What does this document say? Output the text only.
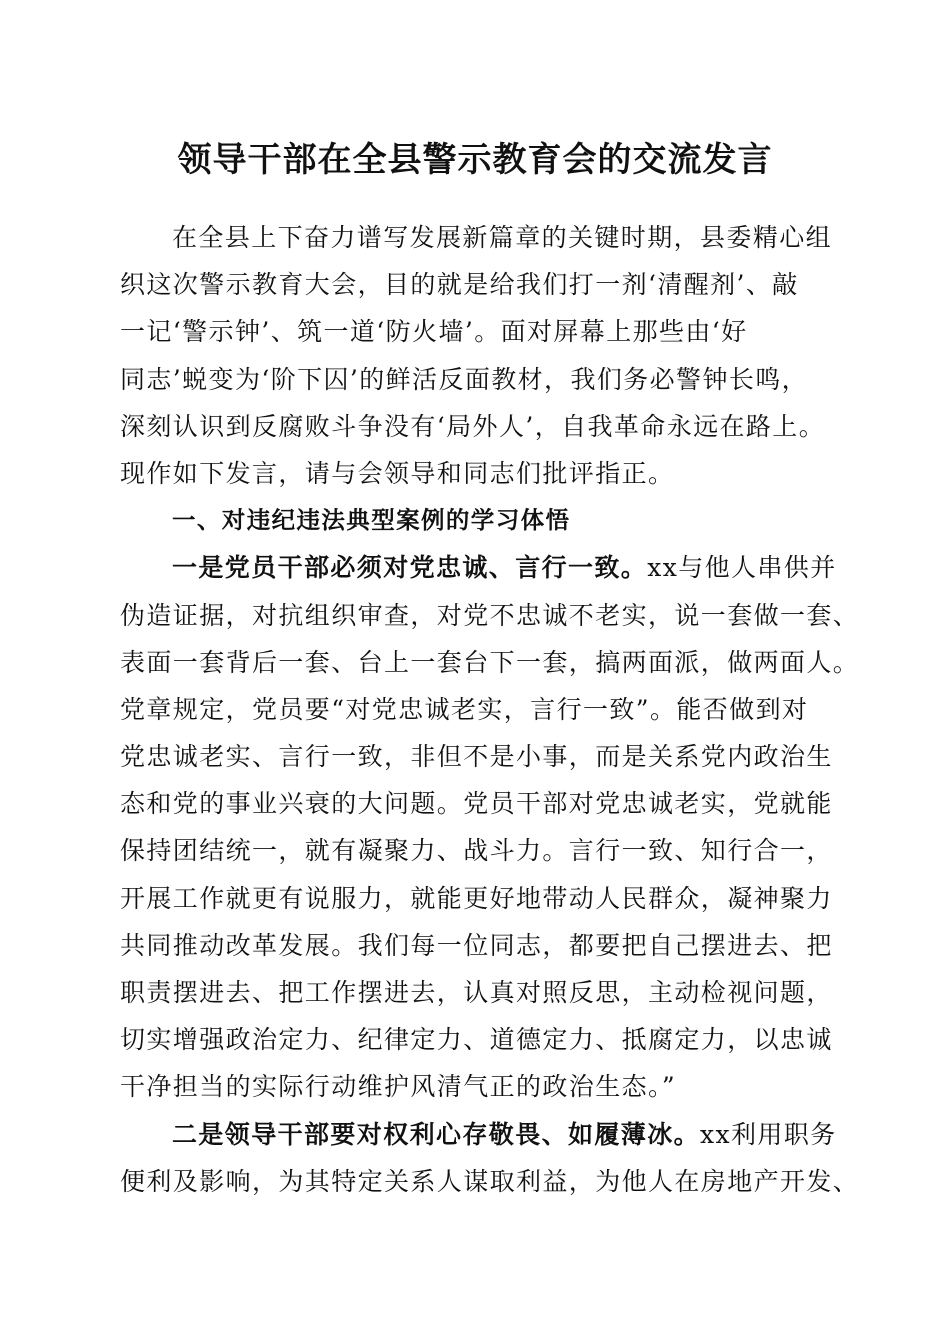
领导干部在全县警示教育会的交流发言
在全县上下奋力谱写发展新篇章的关键时期，县委精心组
织这次警示教育大会，目的就是给我们打一剂‘清醒剂’、敲
一记‘警示钟’、筑一道‘防火墙’。面对屏幕上那些由‘好
同志’蜕变为‘阶下囚’的鲜活反面教材，我们务必警钟长鸣，
深刻认识到反腐败斗争没有‘局外人’，自我革命永远在路上。
现作如下发言，请与会领导和同志们批评指正。
一、对违纪违法典型案例的学习体悟
一是党员干部必须对党忠诚、言行一致。xx与他人串供并
伪造证据，对抗组织审查，对党不忠诚不老实，说一套做一套、
表面一套背后一套、台上一套台下一套，搞两面派，做两面人。
党章规定，党员要“对党忠诚老实，言行一致”。能否做到对
党忠诚老实、言行一致，非但不是小事，而是关系党内政治生
态和党的事业兴衰的大问题。党员干部对党忠诚老实，党就能
保持团结统一，就有凝聚力、战斗力。言行一致、知行合一，
开展工作就更有说服力，就能更好地带动人民群众，凝神聚力
共同推动改革发展。我们每一位同志，都要把自己摆进去、把
职责摆进去、把工作摆进去，认真对照反思，主动检视问题，
切实增强政治定力、纪律定力、道德定力、抵腐定力，以忠诚
干净担当的实际行动维护风清气正的政治生态。”
二是领导干部要对权利心存敬畏、如履薄冰。xx利用职务
便利及影响，为其特定关系人谋取利益，为他人在房地产开发、
